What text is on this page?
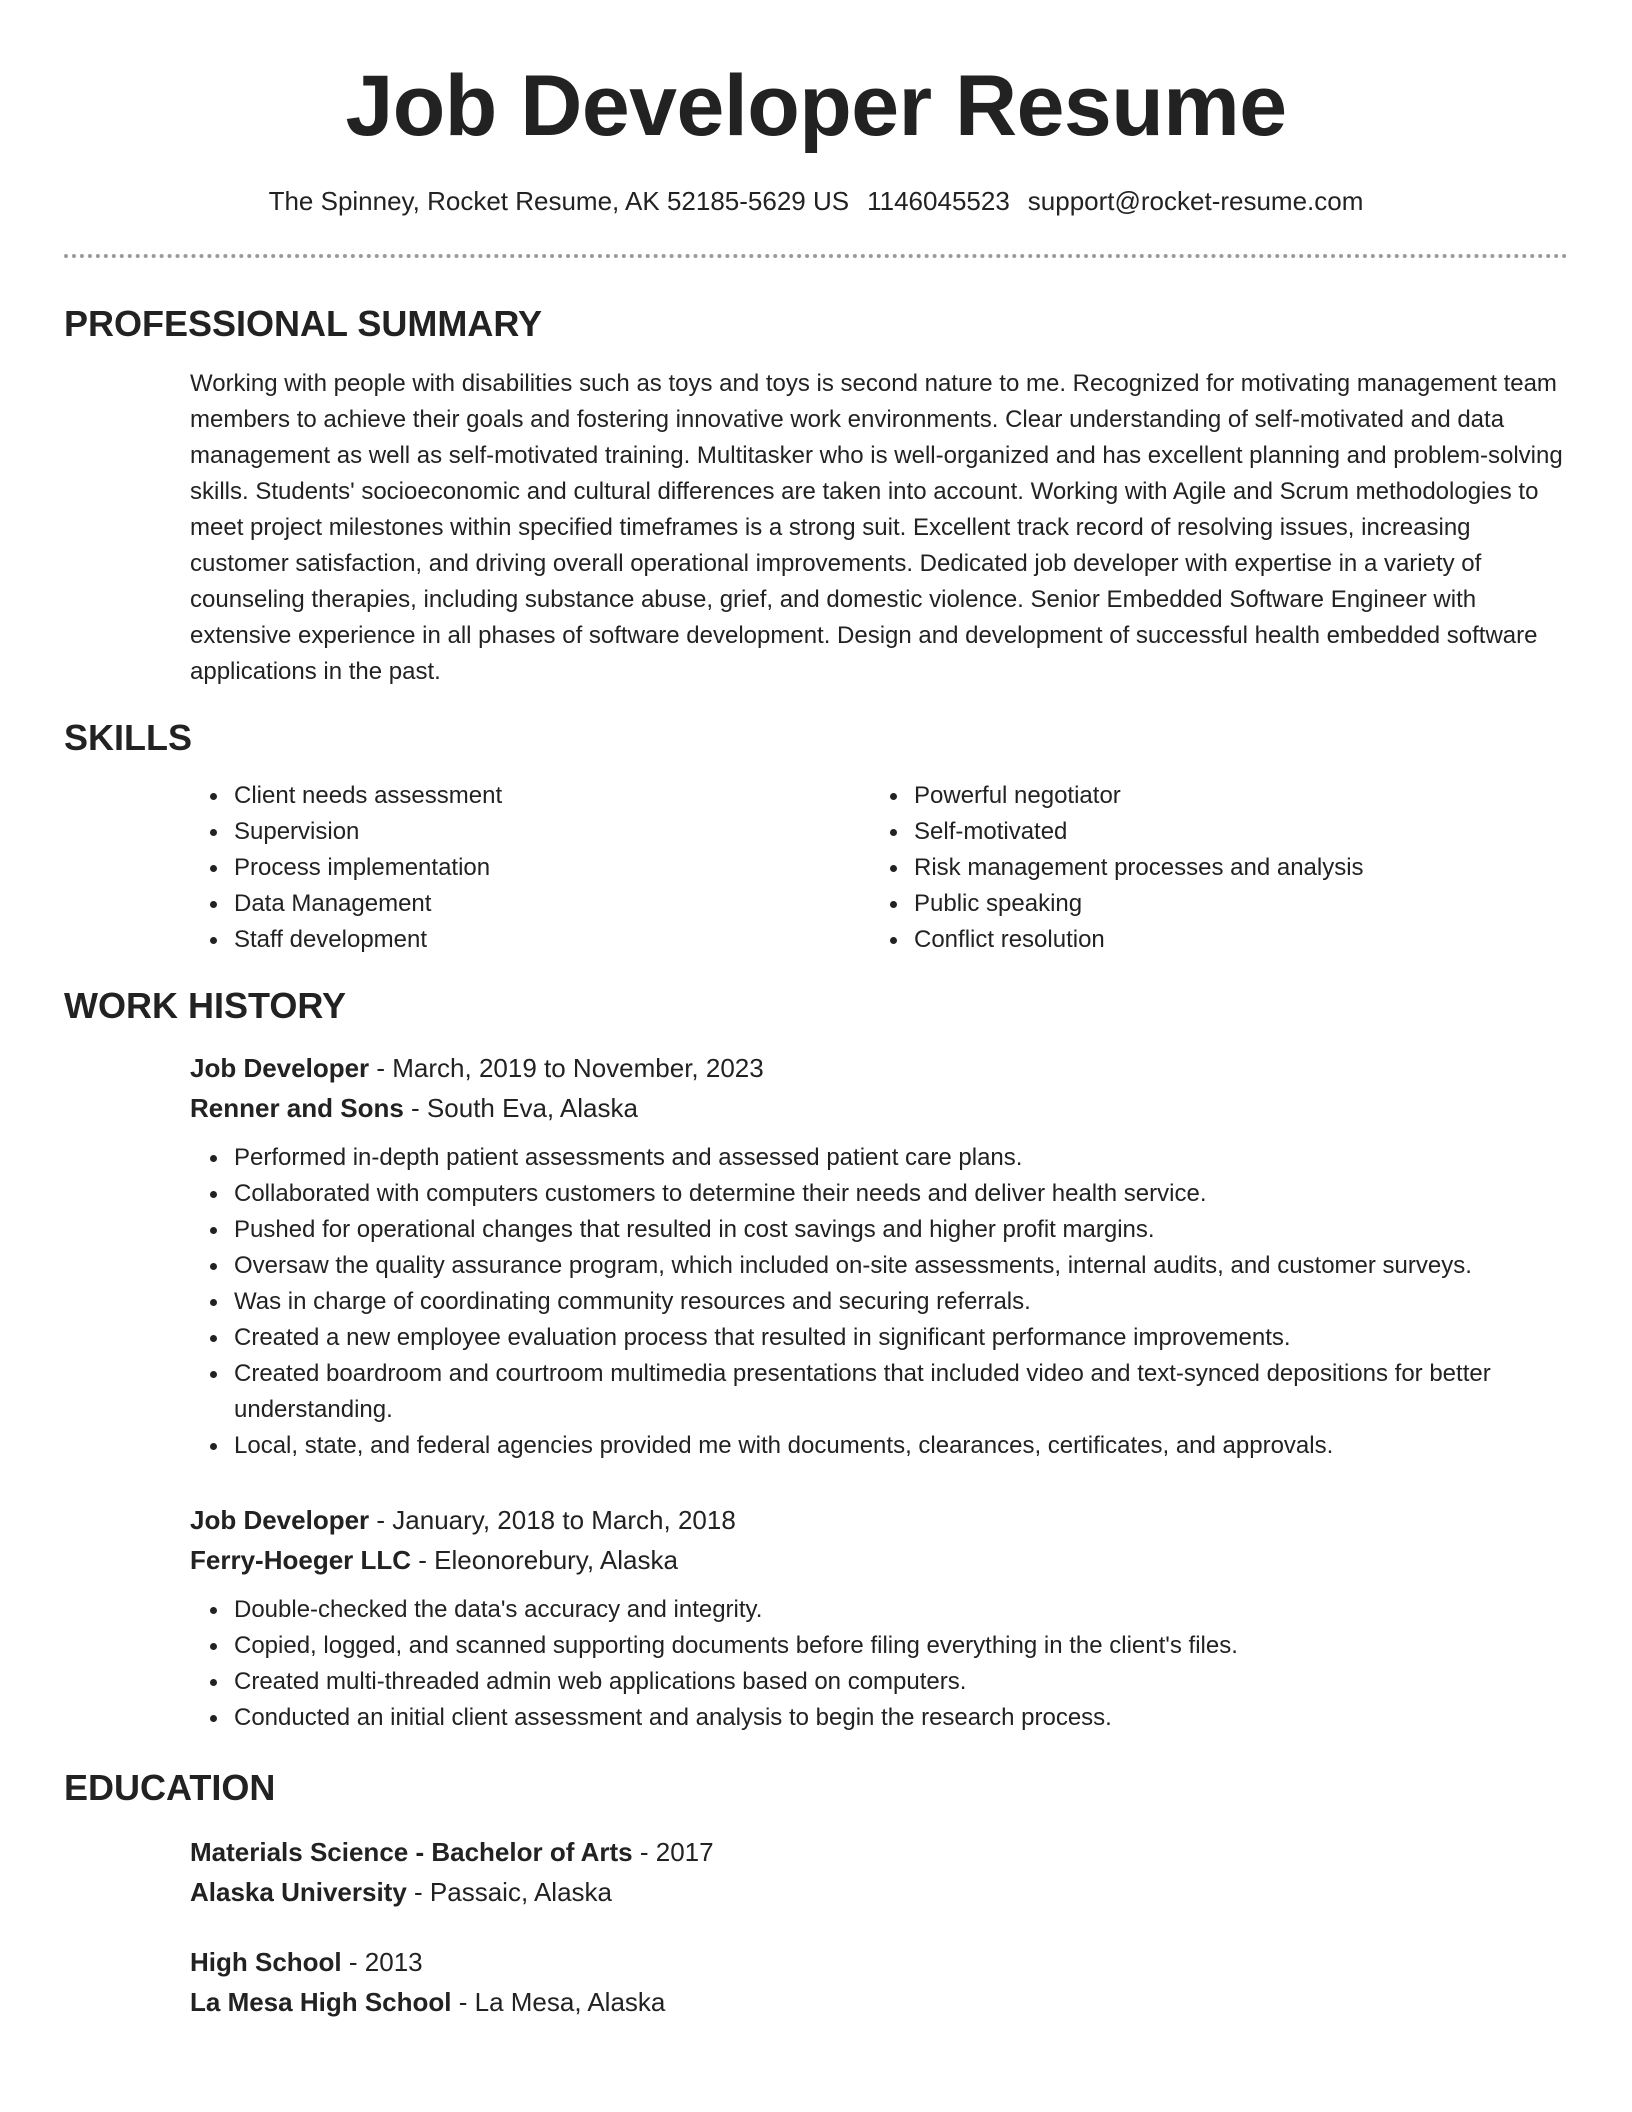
Job Developer Resume
The Spinney, Rocket Resume, AK 52185-5629 US 1146045523 support@rocket-resume.com
PROFESSIONAL SUMMARY

Working with people with disabilities such as toys and toys is second nature to me. Recognized for motivating management team members to achieve their goals and fostering innovative work environments. Clear understanding of self-motivated and data management as well as self-motivated training. Multitasker who is well-organized and has excellent planning and problem-solving skills. Students' socioeconomic and cultural differences are taken into account. Working with Agile and Scrum methodologies to meet project milestones within specified timeframes is a strong suit. Excellent track record of resolving issues, increasing customer satisfaction, and driving overall operational improvements. Dedicated job developer with expertise in a variety of counseling therapies, including substance abuse, grief, and domestic violence. Senior Embedded Software Engineer with extensive experience in all phases of software development. Design and development of successful health embedded software applications in the past.

SKILLS
Client needs assessment
Supervision
Process implementation
Data Management
Staff development
Powerful negotiator
Self-motivated
Risk management processes and analysis
Public speaking
Conflict resolution
WORK HISTORY
Job Developer - March, 2019 to November, 2023
Renner and Sons - South Eva, Alaska
Performed in-depth patient assessments and assessed patient care plans.
Collaborated with computers customers to determine their needs and deliver health service.
Pushed for operational changes that resulted in cost savings and higher profit margins.
Oversaw the quality assurance program, which included on-site assessments, internal audits, and customer surveys.
Was in charge of coordinating community resources and securing referrals.
Created a new employee evaluation process that resulted in significant performance improvements.
Created boardroom and courtroom multimedia presentations that included video and text-synced depositions for better understanding.
Local, state, and federal agencies provided me with documents, clearances, certificates, and approvals.
Job Developer - January, 2018 to March, 2018
Ferry-Hoeger LLC - Eleonorebury, Alaska
Double-checked the data's accuracy and integrity.
Copied, logged, and scanned supporting documents before filing everything in the client's files.
Created multi-threaded admin web applications based on computers.
Conducted an initial client assessment and analysis to begin the research process.
EDUCATION
Materials Science - Bachelor of Arts - 2017
Alaska University - Passaic, Alaska
High School - 2013
La Mesa High School - La Mesa, Alaska
